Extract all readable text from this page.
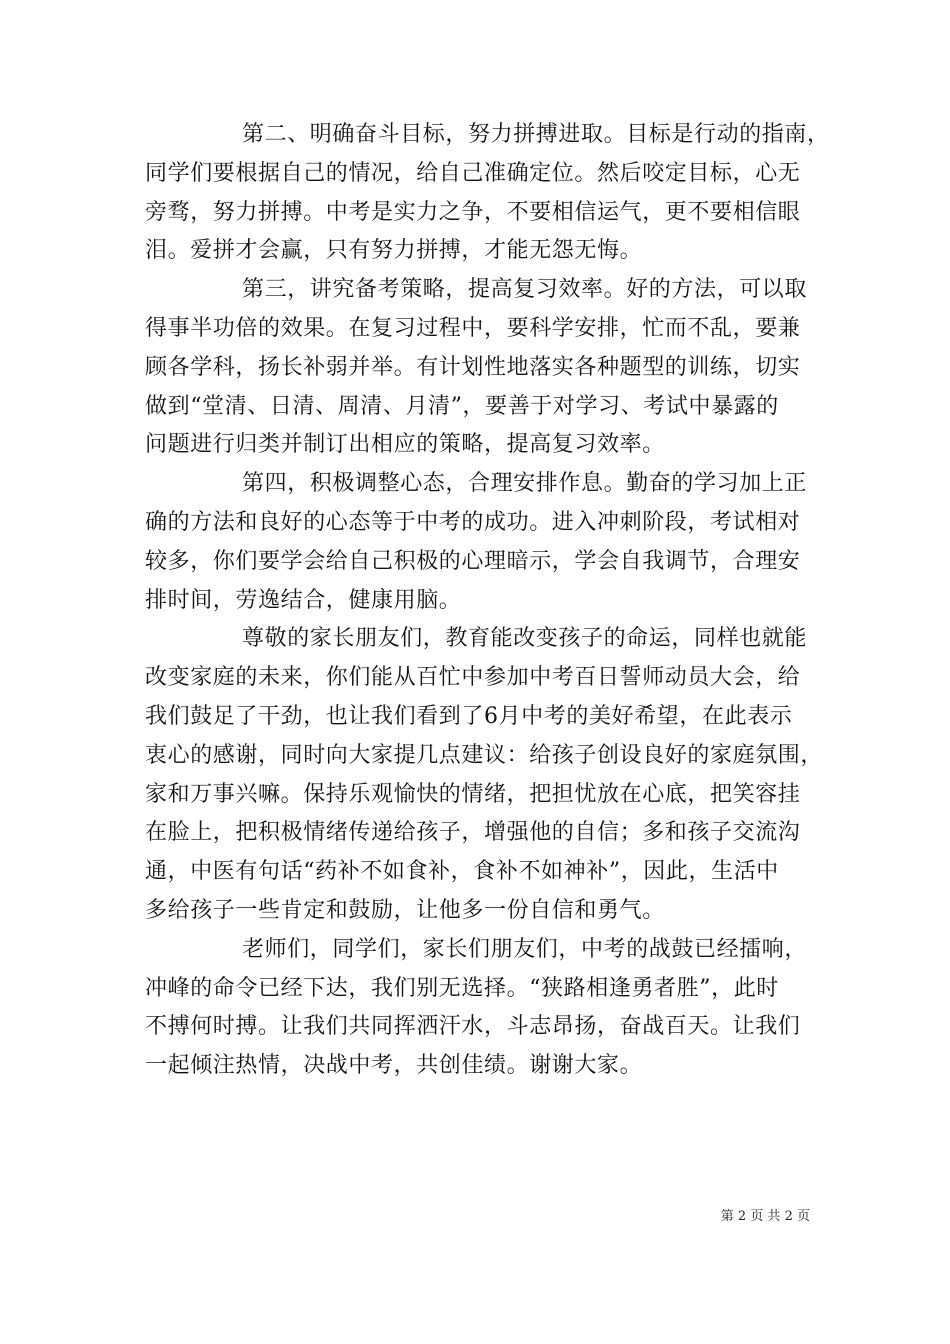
第二、明确奋斗目标，努力拼搏进取。目标是行动的指南，
同学们要根据自己的情况，给自己准确定位。然后咬定目标，心无
旁骛，努力拼搏。中考是实力之争，不要相信运气，更不要相信眼
泪。爱拼才会赢，只有努力拼搏，才能无怨无悔。

第三，讲究备考策略，提高复习效率。好的方法，可以取
得事半功倍的效果。在复习过程中，要科学安排，忙而不乱，要兼
顾各学科，扬长补弱并举。有计划性地落实各种题型的训练，切实
做到“堂清、日清、周清、月清”，要善于对学习、考试中暴露的
问题进行归类并制订出相应的策略，提高复习效率。

第四，积极调整心态，合理安排作息。勤奋的学习加上正
确的方法和良好的心态等于中考的成功。进入冲刺阶段，考试相对
较多，你们要学会给自己积极的心理暗示，学会自我调节，合理安
排时间，劳逸结合，健康用脑。

尊敬的家长朋友们，教育能改变孩子的命运，同样也就能
改变家庭的未来，你们能从百忙中参加中考百日誓师动员大会，给
我们鼓足了干劲，也让我们看到了6月中考的美好希望，在此表示
衷心的感谢，同时向大家提几点建议：给孩子创设良好的家庭氛围，
家和万事兴嘛。保持乐观愉快的情绪，把担忧放在心底，把笑容挂
在脸上，把积极情绪传递给孩子，增强他的自信；多和孩子交流沟
通，中医有句话“药补不如食补，食补不如神补”，因此，生活中
多给孩子一些肯定和鼓励，让他多一份自信和勇气。

老师们，同学们，家长们朋友们，中考的战鼓已经擂响，
冲峰的命令已经下达，我们别无选择。“狭路相逢勇者胜”，此时
不搏何时搏。让我们共同挥洒汗水，斗志昂扬，奋战百天。让我们
一起倾注热情，决战中考，共创佳绩。谢谢大家。

第 2 页 共 2 页
